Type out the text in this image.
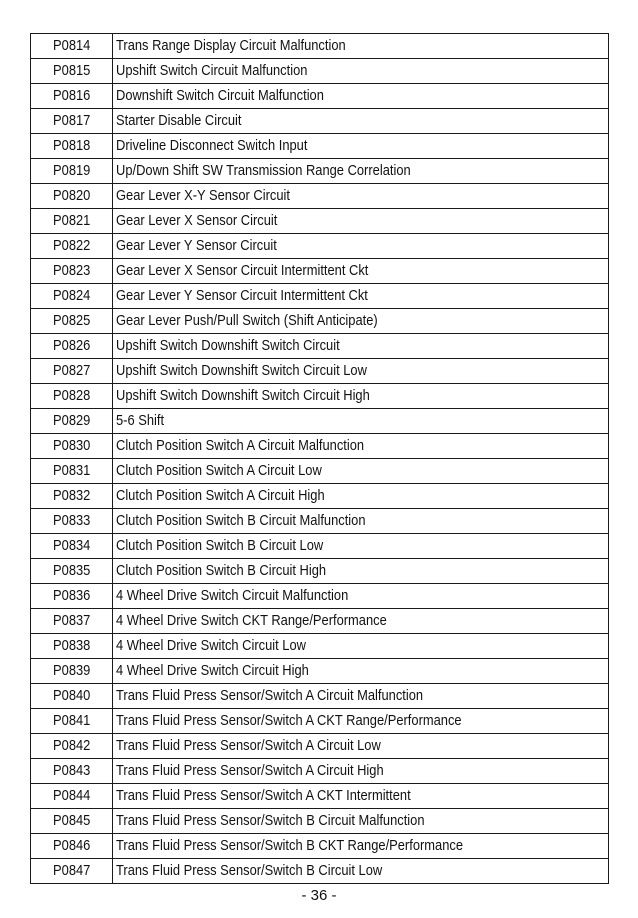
P0814	Trans Range Display Circuit Malfunction
P0815	Upshift Switch Circuit Malfunction
P0816	Downshift Switch Circuit Malfunction
P0817	Starter Disable Circuit
P0818	Driveline Disconnect Switch Input
P0819	Up/Down Shift SW Transmission Range Correlation
P0820	Gear Lever X-Y Sensor Circuit
P0821	Gear Lever X Sensor Circuit
P0822	Gear Lever Y Sensor Circuit
P0823	Gear Lever X Sensor Circuit Intermittent Ckt
P0824	Gear Lever Y Sensor Circuit Intermittent Ckt
P0825	Gear Lever Push/Pull Switch (Shift Anticipate)
P0826	Upshift Switch Downshift Switch Circuit
P0827	Upshift Switch Downshift Switch Circuit Low
P0828	Upshift Switch Downshift Switch Circuit High
P0829	5-6 Shift
P0830	Clutch Position Switch A Circuit Malfunction
P0831	Clutch Position Switch A Circuit Low
P0832	Clutch Position Switch A Circuit High
P0833	Clutch Position Switch B Circuit Malfunction
P0834	Clutch Position Switch B Circuit Low
P0835	Clutch Position Switch B Circuit High
P0836	4 Wheel Drive Switch Circuit Malfunction
P0837	4 Wheel Drive Switch CKT Range/Performance
P0838	4 Wheel Drive Switch Circuit Low
P0839	4 Wheel Drive Switch Circuit High
P0840	Trans Fluid Press Sensor/Switch A Circuit Malfunction
P0841	Trans Fluid Press Sensor/Switch A CKT Range/Performance
P0842	Trans Fluid Press Sensor/Switch A Circuit Low
P0843	Trans Fluid Press Sensor/Switch A Circuit High
P0844	Trans Fluid Press Sensor/Switch A CKT Intermittent
P0845	Trans Fluid Press Sensor/Switch B Circuit Malfunction
P0846	Trans Fluid Press Sensor/Switch B CKT Range/Performance
P0847	Trans Fluid Press Sensor/Switch B Circuit Low
- 36 -
